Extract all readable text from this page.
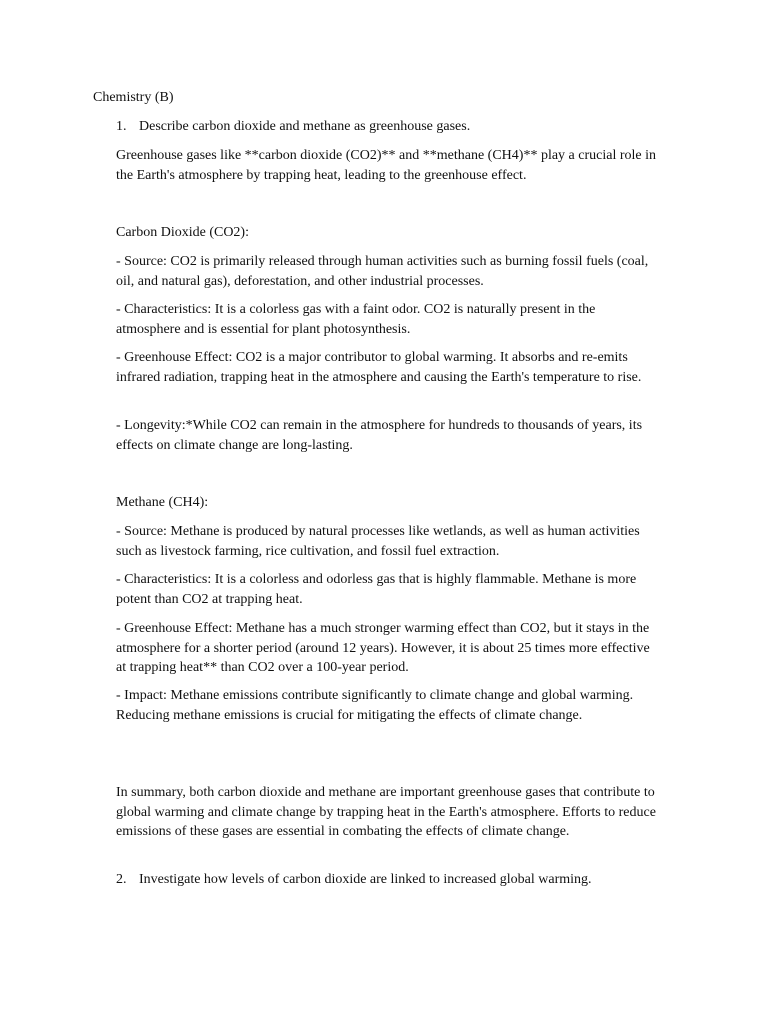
Chemistry (B)

1. Describe carbon dioxide and methane as greenhouse gases.

Greenhouse gases like **carbon dioxide (CO2)** and **methane (CH4)** play a crucial role in the Earth's atmosphere by trapping heat, leading to the greenhouse effect.

Carbon Dioxide (CO2):

- Source: CO2 is primarily released through human activities such as burning fossil fuels (coal, oil, and natural gas), deforestation, and other industrial processes.

- Characteristics: It is a colorless gas with a faint odor. CO2 is naturally present in the atmosphere and is essential for plant photosynthesis.

- Greenhouse Effect: CO2 is a major contributor to global warming. It absorbs and re-emits infrared radiation, trapping heat in the atmosphere and causing the Earth's temperature to rise.

- Longevity:*While CO2 can remain in the atmosphere for hundreds to thousands of years, its effects on climate change are long-lasting.

Methane (CH4):

- Source: Methane is produced by natural processes like wetlands, as well as human activities such as livestock farming, rice cultivation, and fossil fuel extraction.

- Characteristics: It is a colorless and odorless gas that is highly flammable. Methane is more potent than CO2 at trapping heat.

- Greenhouse Effect: Methane has a much stronger warming effect than CO2, but it stays in the atmosphere for a shorter period (around 12 years). However, it is about 25 times more effective at trapping heat** than CO2 over a 100-year period.

- Impact: Methane emissions contribute significantly to climate change and global warming. Reducing methane emissions is crucial for mitigating the effects of climate change.

In summary, both carbon dioxide and methane are important greenhouse gases that contribute to global warming and climate change by trapping heat in the Earth's atmosphere. Efforts to reduce emissions of these gases are essential in combating the effects of climate change.

2. Investigate how levels of carbon dioxide are linked to increased global warming.
